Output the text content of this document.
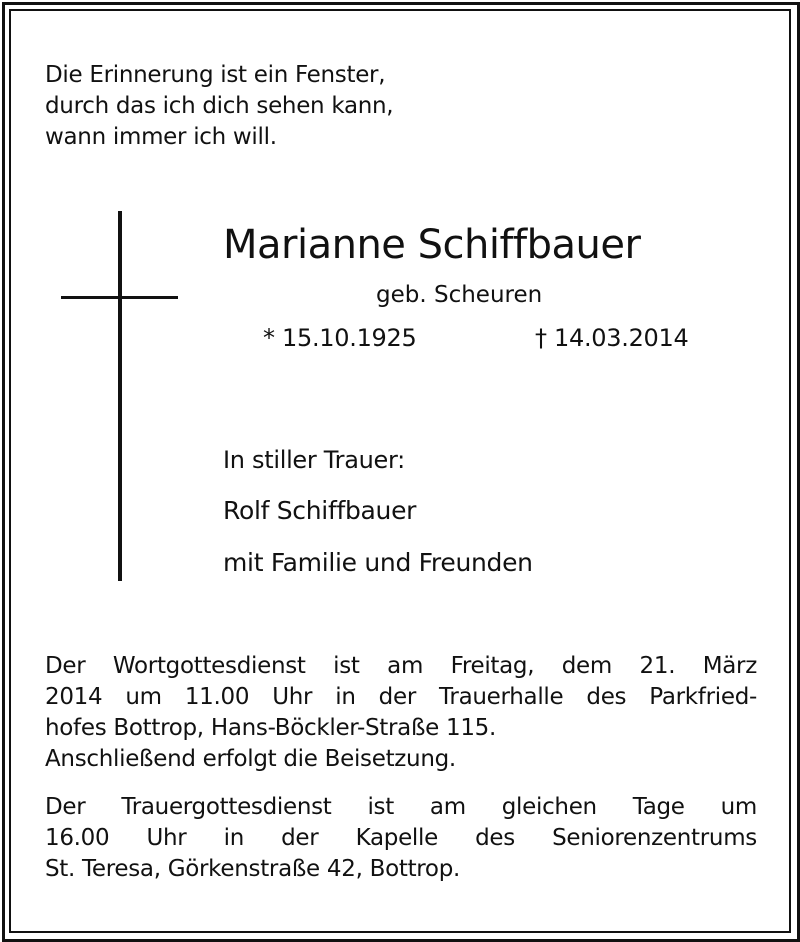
Die Erinnerung ist ein Fenster,
durch das ich dich sehen kann,
wann immer ich will.
Marianne Schiffbauer
geb. Scheuren
* 15.10.1925	† 14.03.2014
In stiller Trauer:
Rolf Schiffbauer
mit Familie und Freunden
Der Wortgottesdienst ist am Freitag, dem 21. März
2014 um 11.00 Uhr in der Trauerhalle des Parkfried-
hofes Bottrop, Hans-Böckler-Straße 115.
Anschließend erfolgt die Beisetzung.
Der Trauergottesdienst ist am gleichen Tage um
16.00 Uhr in der Kapelle des Seniorenzentrums
St. Teresa, Görkenstraße 42, Bottrop.
